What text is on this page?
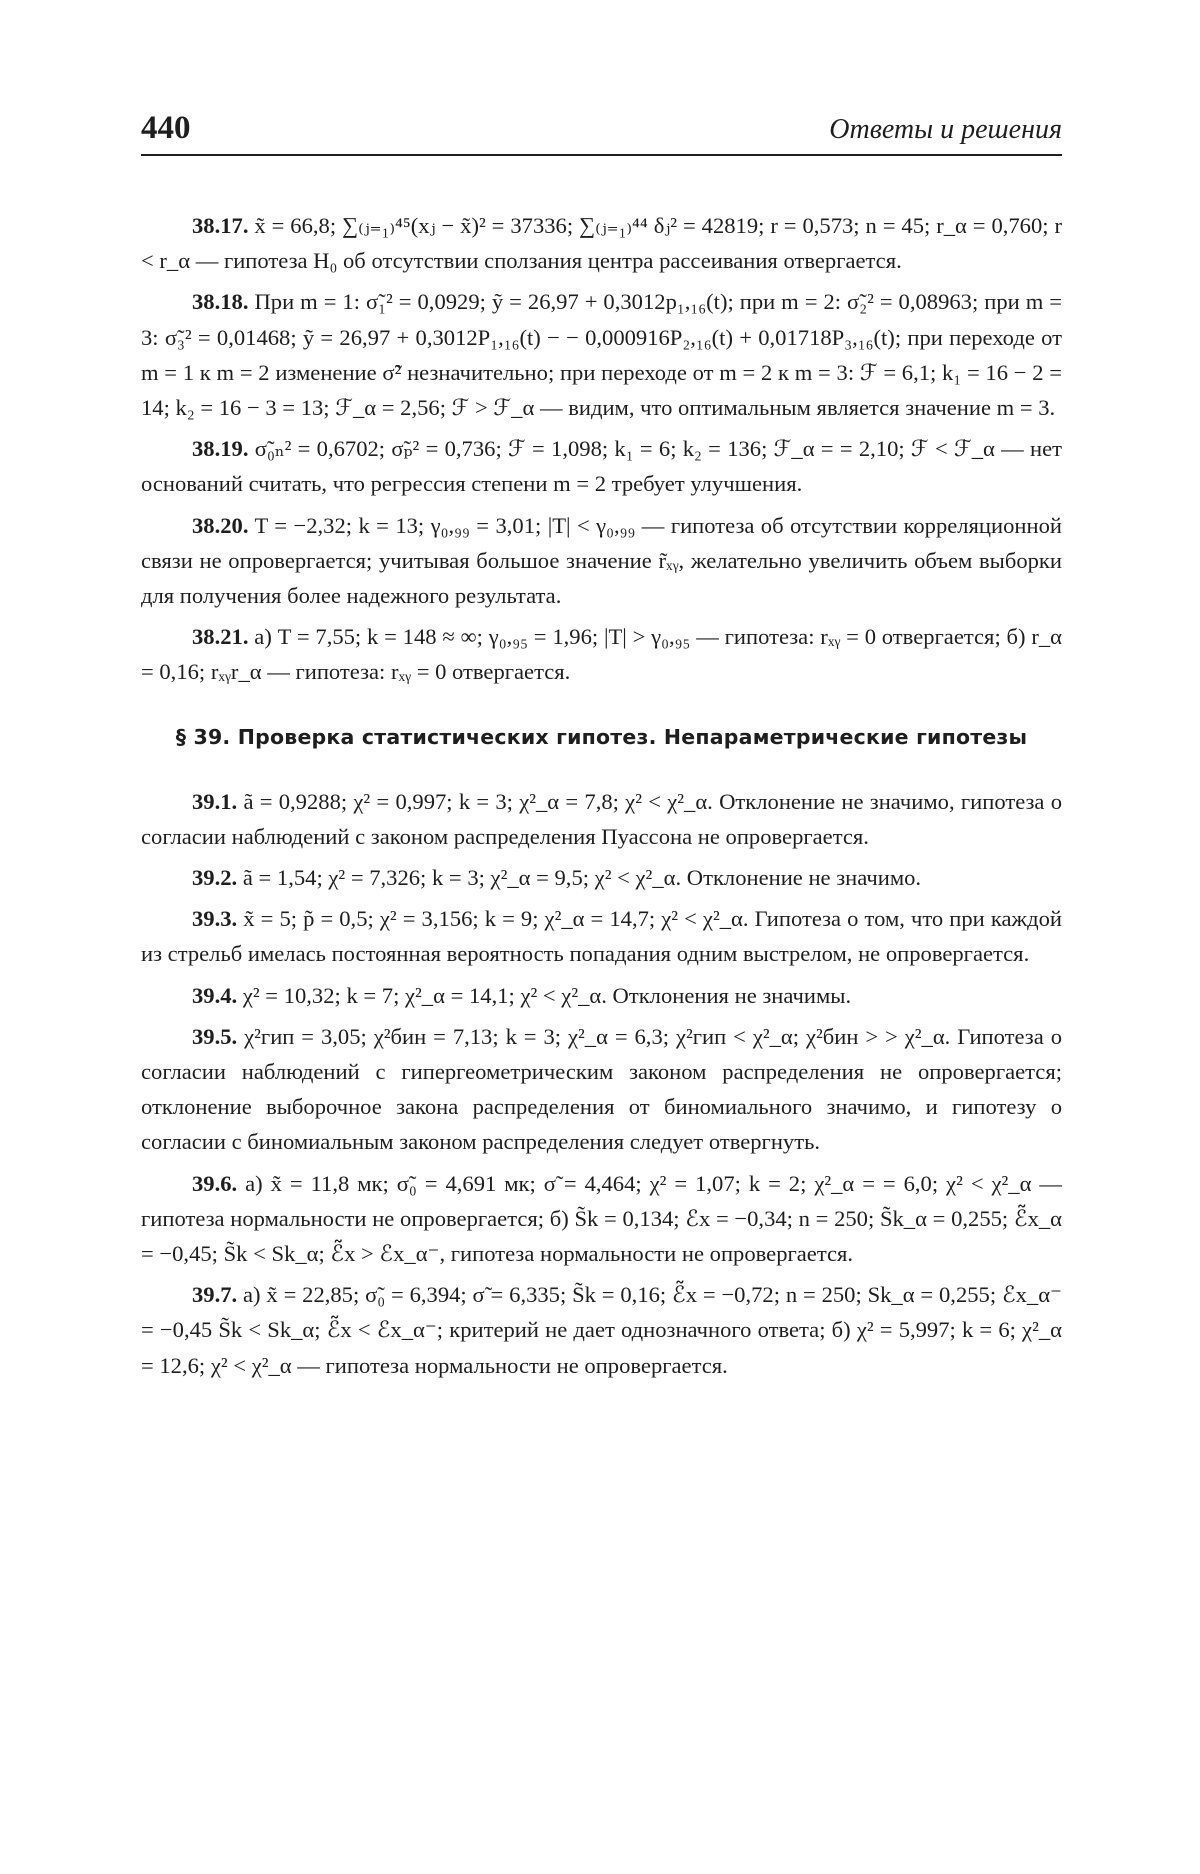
440	Ответы и решения

38.17. x̃ = 66,8; ∑₍ⱼ₌₁₎⁴⁵(xⱼ − x̃)² = 37336; ∑₍ⱼ₌₁₎⁴⁴ δⱼ² = 42819; r = 0,573; n = 45; r_α = 0,760; r < r_α — гипотеза H₀ об отсутствии сползания центра рассеивания отвергается.

38.18. При m = 1: σ̃₁² = 0,0929; ỹ = 26,97 + 0,3012p₁,₁₆(t); при m = 2: σ̃₂² = 0,08963; при m = 3: σ̃₃² = 0,01468; ỹ = 26,97 + 0,3012P₁,₁₆(t) − − 0,000916P₂,₁₆(t) + 0,01718P₃,₁₆(t); при переходе от m = 1 к m = 2 изменение σ̃² незначительно; при переходе от m = 2 к m = 3: ℱ = 6,1; k₁ = 16 − 2 = 14; k₂ = 16 − 3 = 13; ℱ_α = 2,56; ℱ > ℱ_α — видим, что оптимальным является значение m = 3.

38.19. σ̃₀ₙ² = 0,6702; σ̃ₚ² = 0,736; ℱ = 1,098; k₁ = 6; k₂ = 136; ℱ_α = = 2,10; ℱ < ℱ_α — нет оснований считать, что регрессия степени m = 2 требует улучшения.

38.20. T = −2,32; k = 13; γ₀,₉₉ = 3,01; |T| < γ₀,₉₉ — гипотеза об отсутствии корреляционной связи не опровергается; учитывая большое значение r̃ₓᵧ, желательно увеличить объем выборки для получения более надежного результата.

38.21. а) T = 7,55; k = 148 ≈ ∞; γ₀,₉₅ = 1,96; |T| > γ₀,₉₅ — гипотеза: rₓᵧ = 0 отвергается; б) r_α = 0,16; rₓᵧr_α — гипотеза: rₓᵧ = 0 отвергается.

§ 39. Проверка статистических гипотез. Непараметрические гипотезы

39.1. ã = 0,9288; χ² = 0,997; k = 3; χ²_α = 7,8; χ² < χ²_α. Отклонение не значимо, гипотеза о согласии наблюдений с законом распределения Пуассона не опровергается.

39.2. ã = 1,54; χ² = 7,326; k = 3; χ²_α = 9,5; χ² < χ²_α. Отклонение не значимо.

39.3. x̃ = 5; p̃ = 0,5; χ² = 3,156; k = 9; χ²_α = 14,7; χ² < χ²_α. Гипотеза о том, что при каждой из стрельб имелась постоянная вероятность попадания одним выстрелом, не опровергается.

39.4. χ² = 10,32; k = 7; χ²_α = 14,1; χ² < χ²_α. Отклонения не значимы.

39.5. χ²гип = 3,05; χ²бин = 7,13; k = 3; χ²_α = 6,3; χ²гип < χ²_α; χ²бин > > χ²_α. Гипотеза о согласии наблюдений с гипергеометрическим законом распределения не опровергается; отклонение выборочное закона распределения от биномиального значимо, и гипотезу о согласии с биномиальным законом распределения следует отвергнуть.

39.6. а) x̃ = 11,8 мк; σ̃₀ = 4,691 мк; σ̃ = 4,464; χ² = 1,07; k = 2; χ²_α = = 6,0; χ² < χ²_α — гипотеза нормальности не опровергается; б) S̃k = 0,134; ℰx = −0,34; n = 250; S̃k_α = 0,255; ℰ̃x_α = −0,45; S̃k < Sk_α; ℰ̃x > ℰx_α⁻, гипотеза нормальности не опровергается.

39.7. а) x̃ = 22,85; σ̃₀ = 6,394; σ̃ = 6,335; S̃k = 0,16; ℰ̃x = −0,72; n = 250; Sk_α = 0,255; ℰx_α⁻ = −0,45 S̃k < Sk_α; ℰ̃x < ℰx_α⁻; критерий не дает однозначного ответа; б) χ² = 5,997; k = 6; χ²_α = 12,6; χ² < χ²_α — гипотеза нормальности не опровергается.
